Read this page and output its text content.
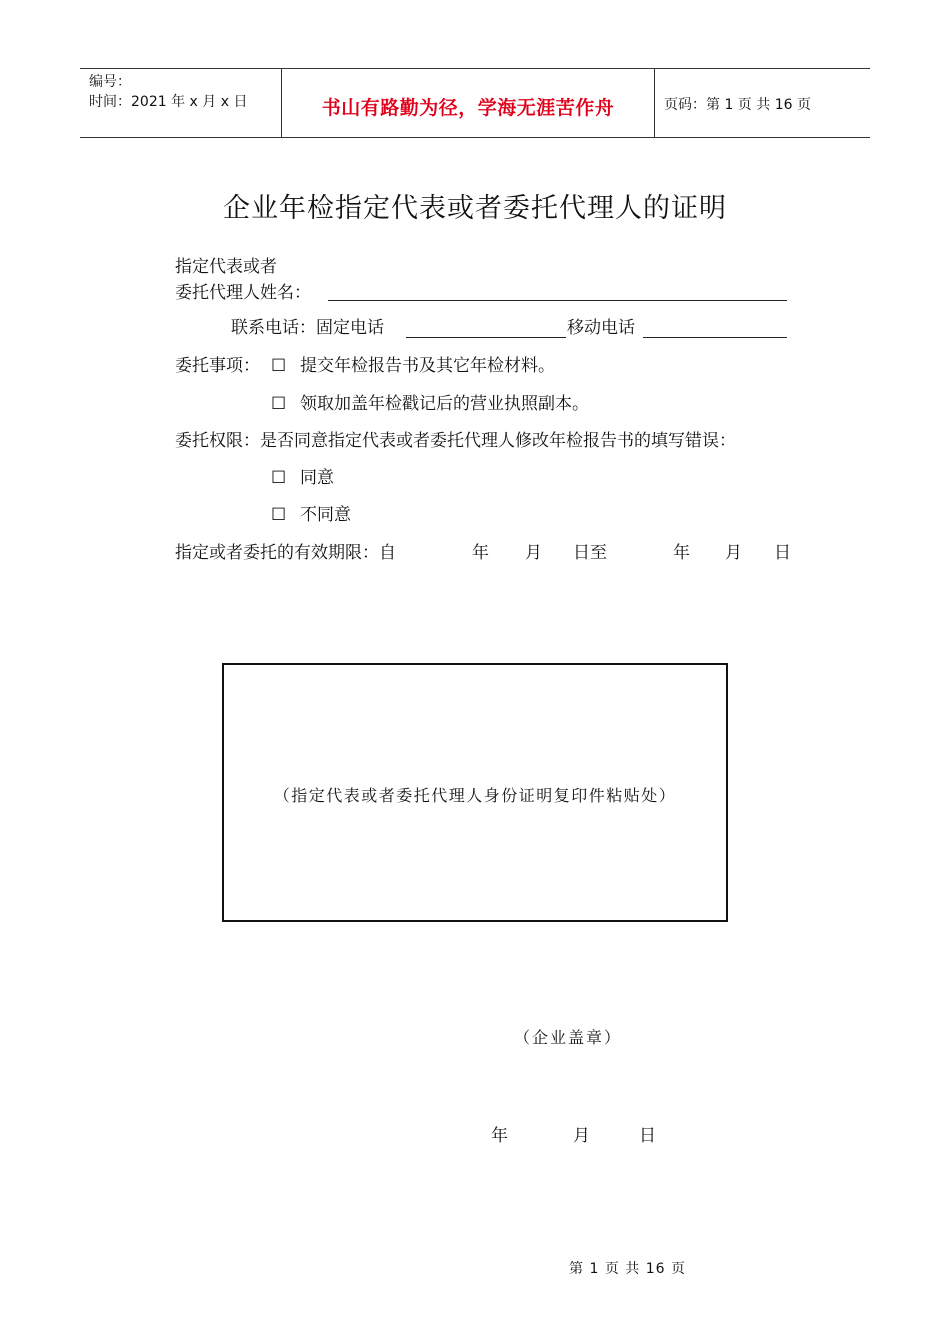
编号：
时间：2021 年 x 月 x 日	书山有路勤为径，学海无涯苦作舟	页码：第 1 页 共 16 页
企业年检指定代表或者委托代理人的证明
指定代表或者
委托代理人姓名：
联系电话：固定电话	移动电话
委托事项： ☐ 提交年检报告书及其它年检材料。
☐ 领取加盖年检戳记后的营业执照副本。
委托权限：是否同意指定代表或者委托代理人修改年检报告书的填写错误：
☐ 同意
☐ 不同意
指定或者委托的有效期限：自	年 月 日至	年 月 日
（指定代表或者委托代理人身份证明复印件粘贴处）
（企业盖章）
年	月	日
第 1 页 共 16 页
